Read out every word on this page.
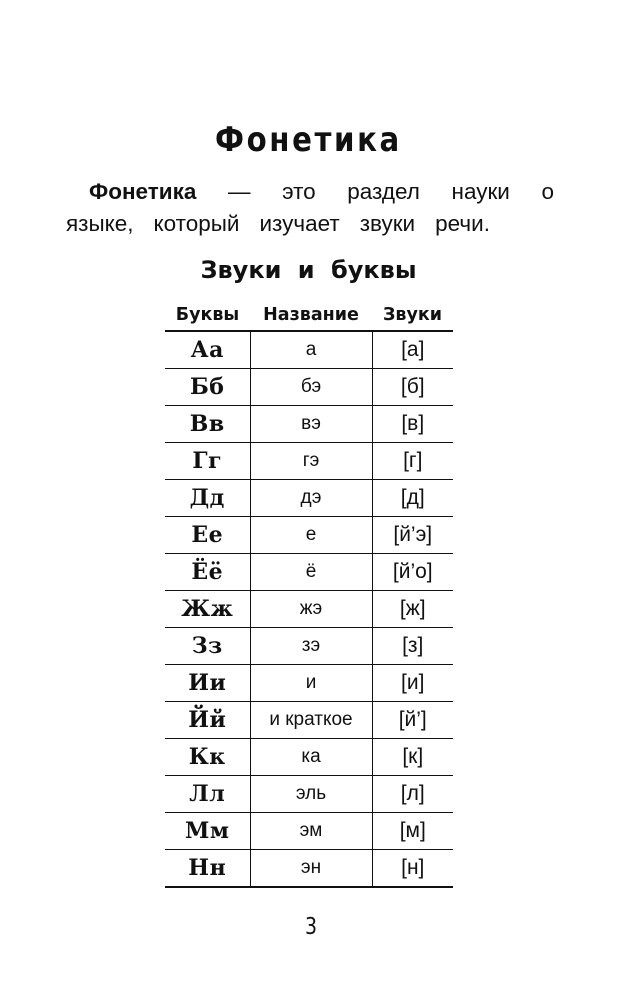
Фонетика
Фонетика — это раздел науки о
языке, который изучает звуки речи.
Звуки и буквы
Буквы	Название	Звуки
Аа	а	[а]
Бб	бэ	[б]
Вв	вэ	[в]
Гг	гэ	[г]
Дд	дэ	[д]
Ее	е	[й’э]
Ёё	ё	[й’о]
Жж	жэ	[ж]
Зз	зэ	[з]
Ии	и	[и]
Йй	и краткое	[й’]
Кк	ка	[к]
Лл	эль	[л]
Мм	эм	[м]
Нн	эн	[н]
3
